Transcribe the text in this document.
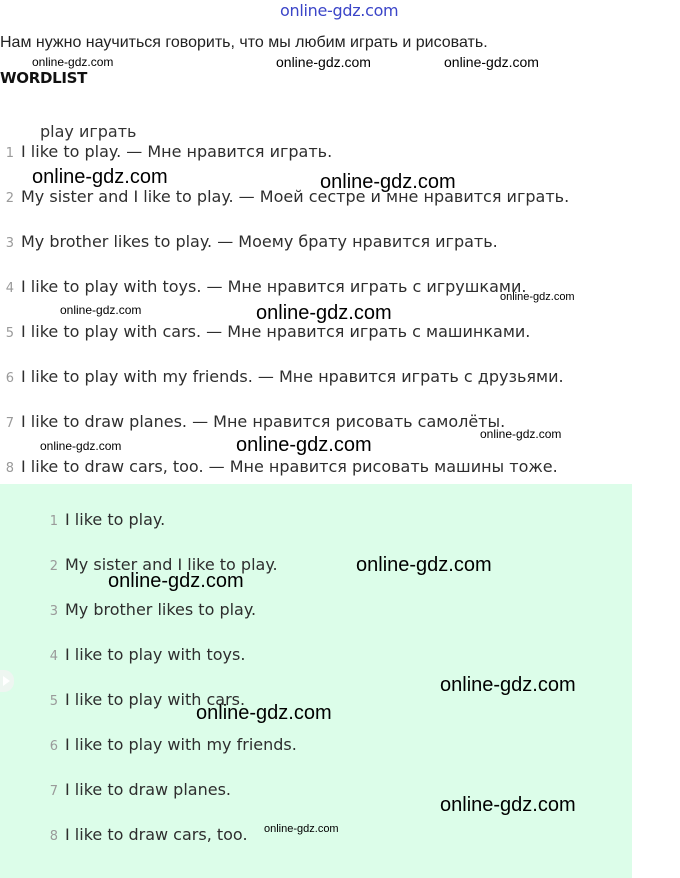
online-gdz.com
Нам нужно научиться говорить, что мы любим играть и рисовать.
WORDLIST
play играть
1 I like to play. — Мне нравится играть.
2 My sister and I like to play. — Моей сестре и мне нравится играть.
3 My brother likes to play. — Моему брату нравится играть.
4 I like to play with toys. — Мне нравится играть с игрушками.
5 I like to play with cars. — Мне нравится играть с машинками.
6 I like to play with my friends. — Мне нравится играть с друзьями.
7 I like to draw planes. — Мне нравится рисовать самолёты.
8 I like to draw cars, too. — Мне нравится рисовать машины тоже.
1 I like to play.
2 My sister and I like to play.
3 My brother likes to play.
4 I like to play with toys.
5 I like to play with cars.
6 I like to play with my friends.
7 I like to draw planes.
8 I like to draw cars, too.
online-gdz.com	online-gdz.com	online-gdz.com
online-gdz.com	online-gdz.com
online-gdz.com	online-gdz.com
online-gdz.com
online-gdz.com	online-gdz.com	online-gdz.com
online-gdz.com
online-gdz.com
online-gdz.com
online-gdz.com
online-gdz.com
online-gdz.com
